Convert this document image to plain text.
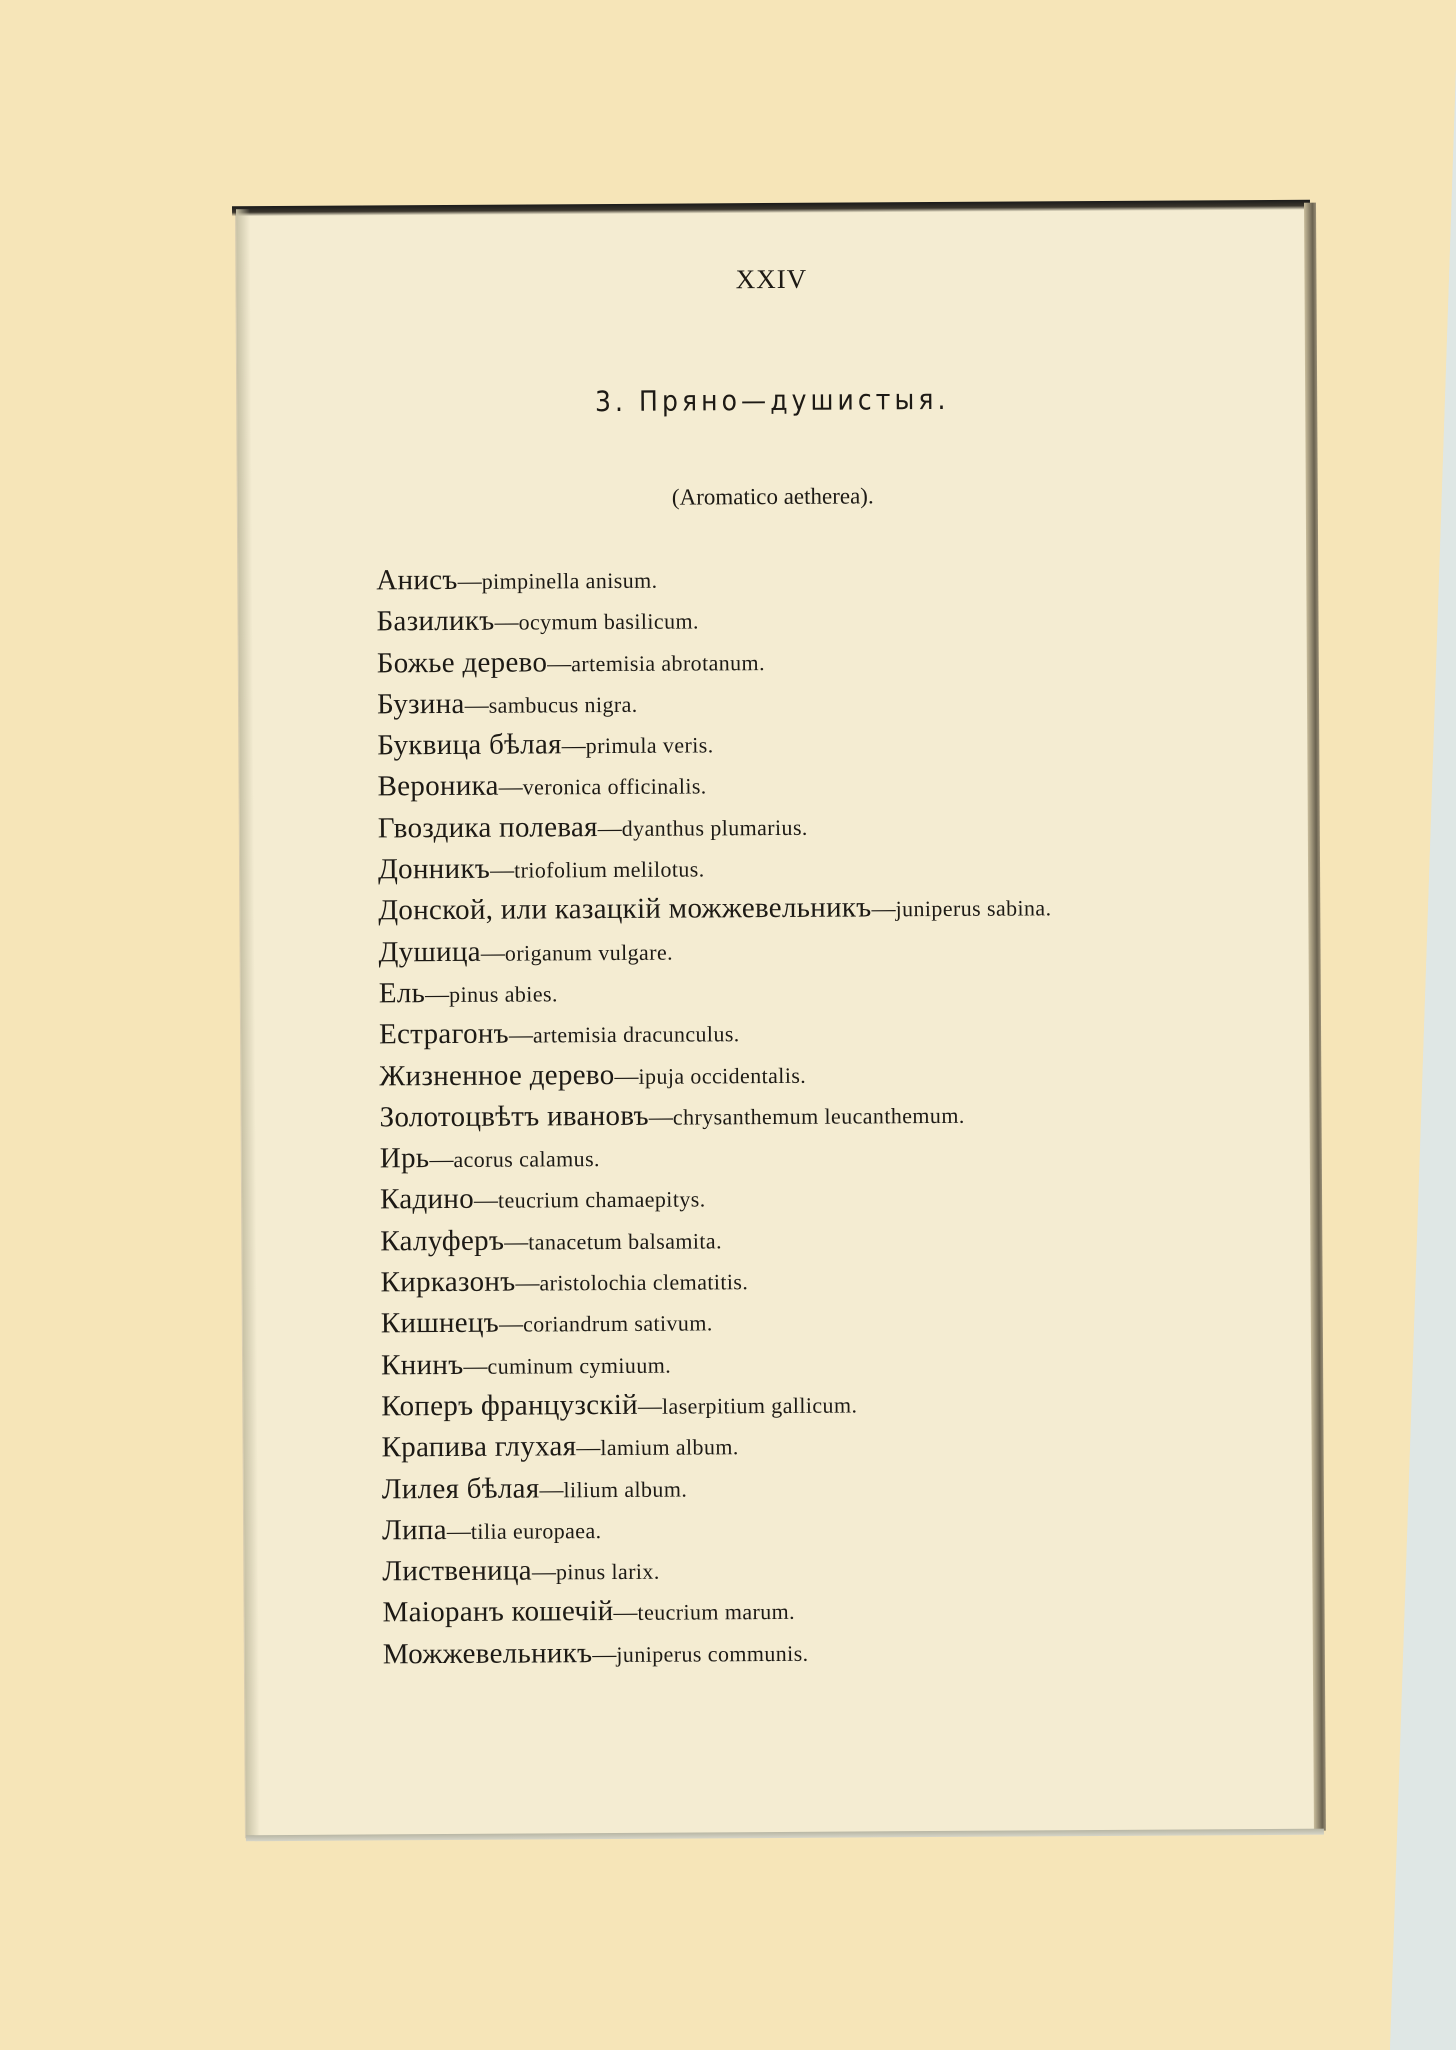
XXIV
3. Пряно—душистыя.
(Aromatico aetherea).
Анисъ—pimpinella anisum.
Базиликъ—ocymum basilicum.
Божье дерево—artemisia abrotanum.
Бузина—sambucus nigra.
Буквица бѣлая—primula veris.
Вероника—veronica officinalis.
Гвоздика полевая—dyanthus plumarius.
Донникъ—triofolium melilotus.
Донской, или казацкій можжевельникъ—juniperus sabina.
Душица—origanum vulgare.
Ель—pinus abies.
Естрагонъ—artemisia dracunculus.
Жизненное дерево—ipuja occidentalis.
Золотоцвѣтъ ивановъ—chrysanthemum leucanthemum.
Ирь—acorus calamus.
Кадино—teucrium chamaepitys.
Калуферъ—tanacetum balsamita.
Кирказонъ—aristolochia clematitis.
Кишнецъ—coriandrum sativum.
Книнъ—cuminum cymiuum.
Коперъ французскій—laserpitium gallicum.
Крапива глухая—lamium album.
Лилея бѣлая—lilium album.
Липа—tilia europaea.
Лиственица—pinus larix.
Маіоранъ кошечій—teucrium marum.
Можжевельникъ—juniperus communis.
